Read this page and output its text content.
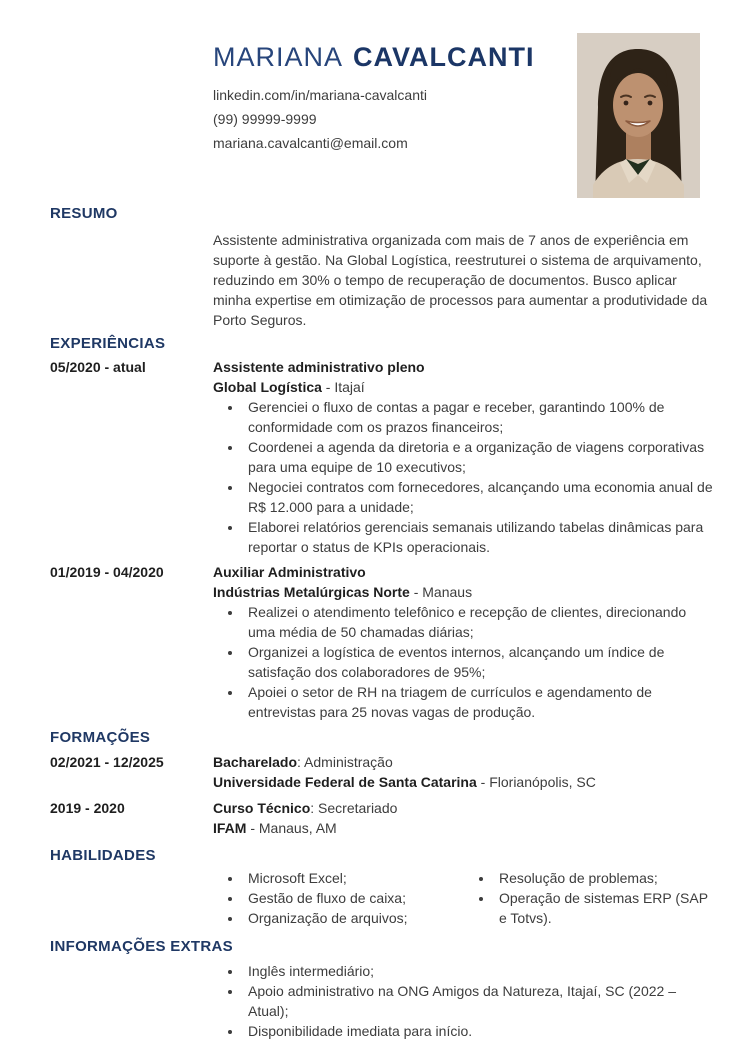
MARIANA CAVALCANTI
linkedin.com/in/mariana-cavalcanti
(99) 99999-9999
mariana.cavalcanti@email.com
RESUMO
Assistente administrativa organizada com mais de 7 anos de experiência em suporte à gestão. Na Global Logística, reestruturei o sistema de arquivamento, reduzindo em 30% o tempo de recuperação de documentos. Busco aplicar minha expertise em otimização de processos para aumentar a produtividade da Porto Seguros.
EXPERIÊNCIAS
05/2020 - atual	Assistente administrativo pleno
Global Logística - Itajaí
• Gerenciei o fluxo de contas a pagar e receber, garantindo 100% de conformidade com os prazos financeiros;
• Coordenei a agenda da diretoria e a organização de viagens corporativas para uma equipe de 10 executivos;
• Negociei contratos com fornecedores, alcançando uma economia anual de R$ 12.000 para a unidade;
• Elaborei relatórios gerenciais semanais utilizando tabelas dinâmicas para reportar o status de KPIs operacionais.
01/2019 - 04/2020	Auxiliar Administrativo
Indústrias Metalúrgicas Norte - Manaus
• Realizei o atendimento telefônico e recepção de clientes, direcionando uma média de 50 chamadas diárias;
• Organizei a logística de eventos internos, alcançando um índice de satisfação dos colaboradores de 95%;
• Apoiei o setor de RH na triagem de currículos e agendamento de entrevistas para 25 novas vagas de produção.
FORMAÇÕES
02/2021 - 12/2025	Bacharelado: Administração
Universidade Federal de Santa Catarina - Florianópolis, SC
2019 - 2020	Curso Técnico: Secretariado
IFAM - Manaus, AM
HABILIDADES
• Microsoft Excel;
• Gestão de fluxo de caixa;
• Organização de arquivos;
• Resolução de problemas;
• Operação de sistemas ERP (SAP e Totvs).
INFORMAÇÕES EXTRAS
• Inglês intermediário;
• Apoio administrativo na ONG Amigos da Natureza, Itajaí, SC (2022 – Atual);
• Disponibilidade imediata para início.
